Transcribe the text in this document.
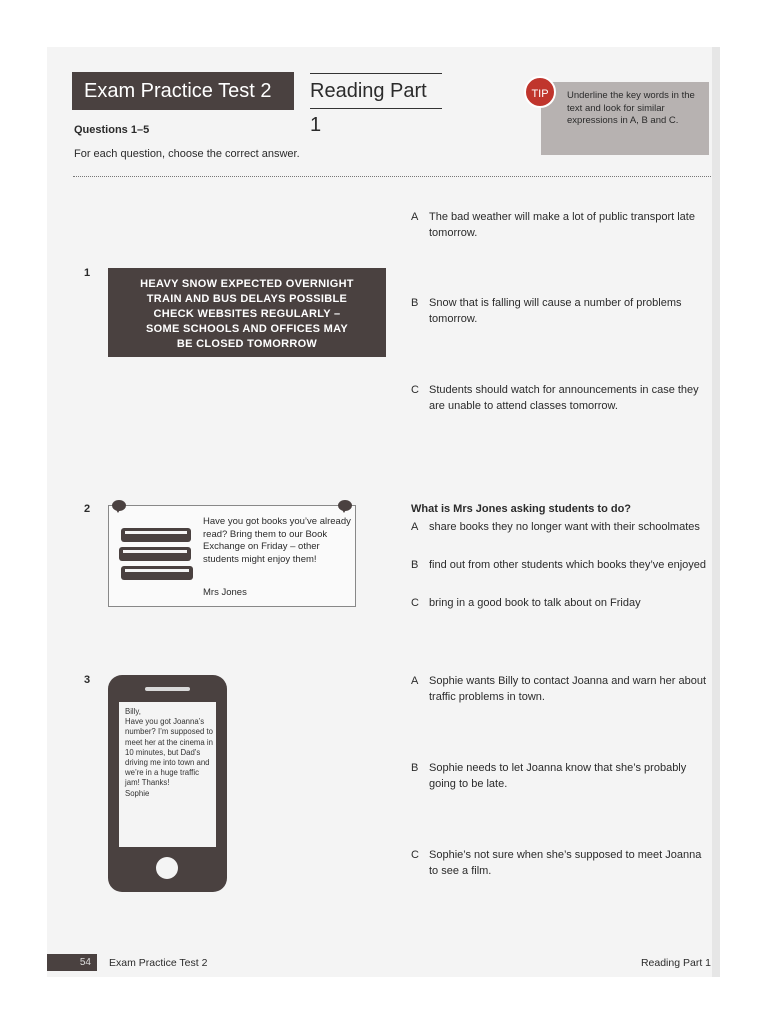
Exam Practice Test 2	Reading Part 1
Questions 1–5
For each question, choose the correct answer.
TIP	Underline the key words in the text and look for similar expressions in A, B and C.
1
HEAVY SNOW EXPECTED OVERNIGHT
TRAIN AND BUS DELAYS POSSIBLE
CHECK WEBSITES REGULARLY –
SOME SCHOOLS AND OFFICES MAY
BE CLOSED TOMORROW
A The bad weather will make a lot of public transport late tomorrow.
B Snow that is falling will cause a number of problems tomorrow.
C Students should watch for announcements in case they are unable to attend classes tomorrow.
2
Have you got books you’ve already read? Bring them to our Book Exchange on Friday – other students might enjoy them!
Mrs Jones
What is Mrs Jones asking students to do?
A share books they no longer want with their schoolmates
B find out from other students which books they’ve enjoyed
C bring in a good book to talk about on Friday
3
Billy,
Have you got Joanna’s number? I’m supposed to meet her at the cinema in 10 minutes, but Dad’s driving me into town and we’re in a huge traffic jam! Thanks!
Sophie
A Sophie wants Billy to contact Joanna and warn her about traffic problems in town.
B Sophie needs to let Joanna know that she’s probably going to be late.
C Sophie’s not sure when she’s supposed to meet Joanna to see a film.
54	Exam Practice Test 2	Reading Part 1
